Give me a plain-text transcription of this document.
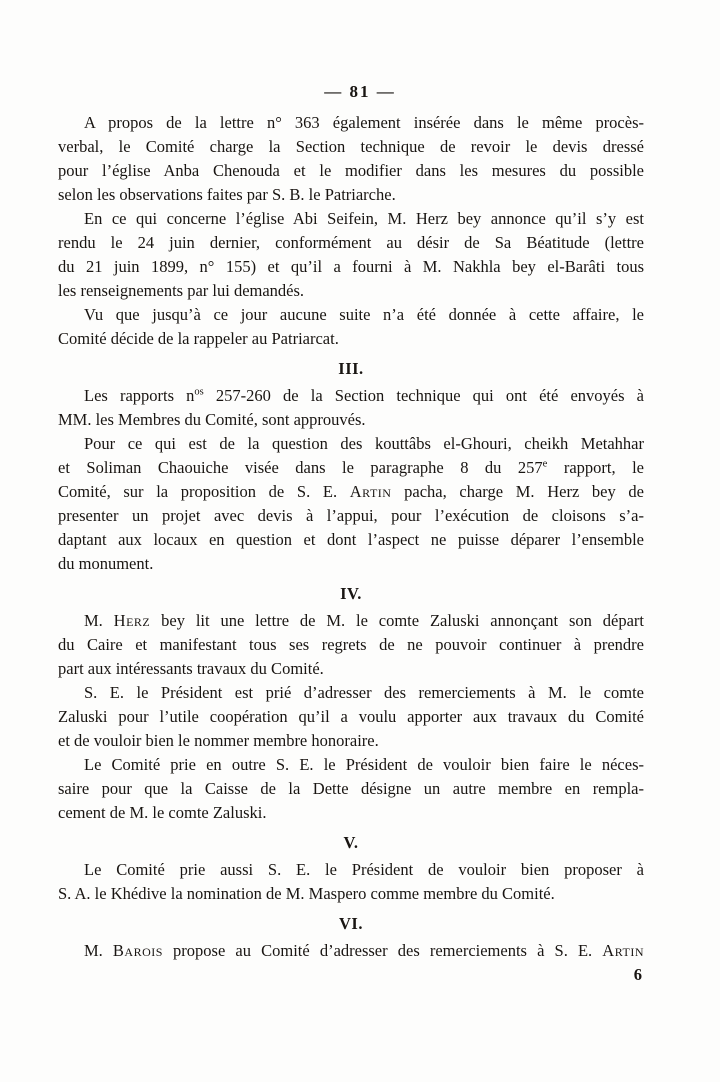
— 81 —
A propos de la lettre n° 363 également insérée dans le même procès-
verbal, le Comité charge la Section technique de revoir le devis dressé
pour l’église Anba Chenouda et le modifier dans les mesures du possible
selon les observations faites par S. B. le Patriarche.
En ce qui concerne l’église Abi Seifein, M. Herz bey annonce qu’il s’y est
rendu le 24 juin dernier, conformément au désir de Sa Béatitude (lettre
du 21 juin 1899, n° 155) et qu’il a fourni à M. Nakhla bey el-Barâti tous
les renseignements par lui demandés.
Vu que jusqu’à ce jour aucune suite n’a été donnée à cette affaire, le
Comité décide de la rappeler au Patriarcat.
III.
Les rapports $n^{os}$ 257-260 de la Section technique qui ont été envoyés à
MM. les Membres du Comité, sont approuvés.
Pour ce qui est de la question des kouttâbs el-Ghouri, cheikh Metahhar
et Soliman Chaouiche visée dans le paragraphe 8 du 257e rapport, le
Comité, sur la proposition de S. E. Artin pacha, charge M. Herz bey de
presenter un projet avec devis à l’appui, pour l’exécution de cloisons s’a-
daptant aux locaux en question et dont l’aspect ne puisse déparer l’ensemble
du monument.
IV.
M. Herz bey lit une lettre de M. le comte Zaluski annonçant son départ
du Caire et manifestant tous ses regrets de ne pouvoir continuer à prendre
part aux intéressants travaux du Comité.
S. E. le Président est prié d’adresser des remerciements à M. le comte
Zaluski pour l’utile coopération qu’il a voulu apporter aux travaux du Comité
et de vouloir bien le nommer membre honoraire.
Le Comité prie en outre S. E. le Président de vouloir bien faire le néces-
saire pour que la Caisse de la Dette désigne un autre membre en rempla-
cement de M. le comte Zaluski.
V.
Le Comité prie aussi S. E. le Président de vouloir bien proposer à
S. A. le Khédive la nomination de M. Maspero comme membre du Comité.
VI.
M. Barois propose au Comité d’adresser des remerciements à S. E. Artin
6
